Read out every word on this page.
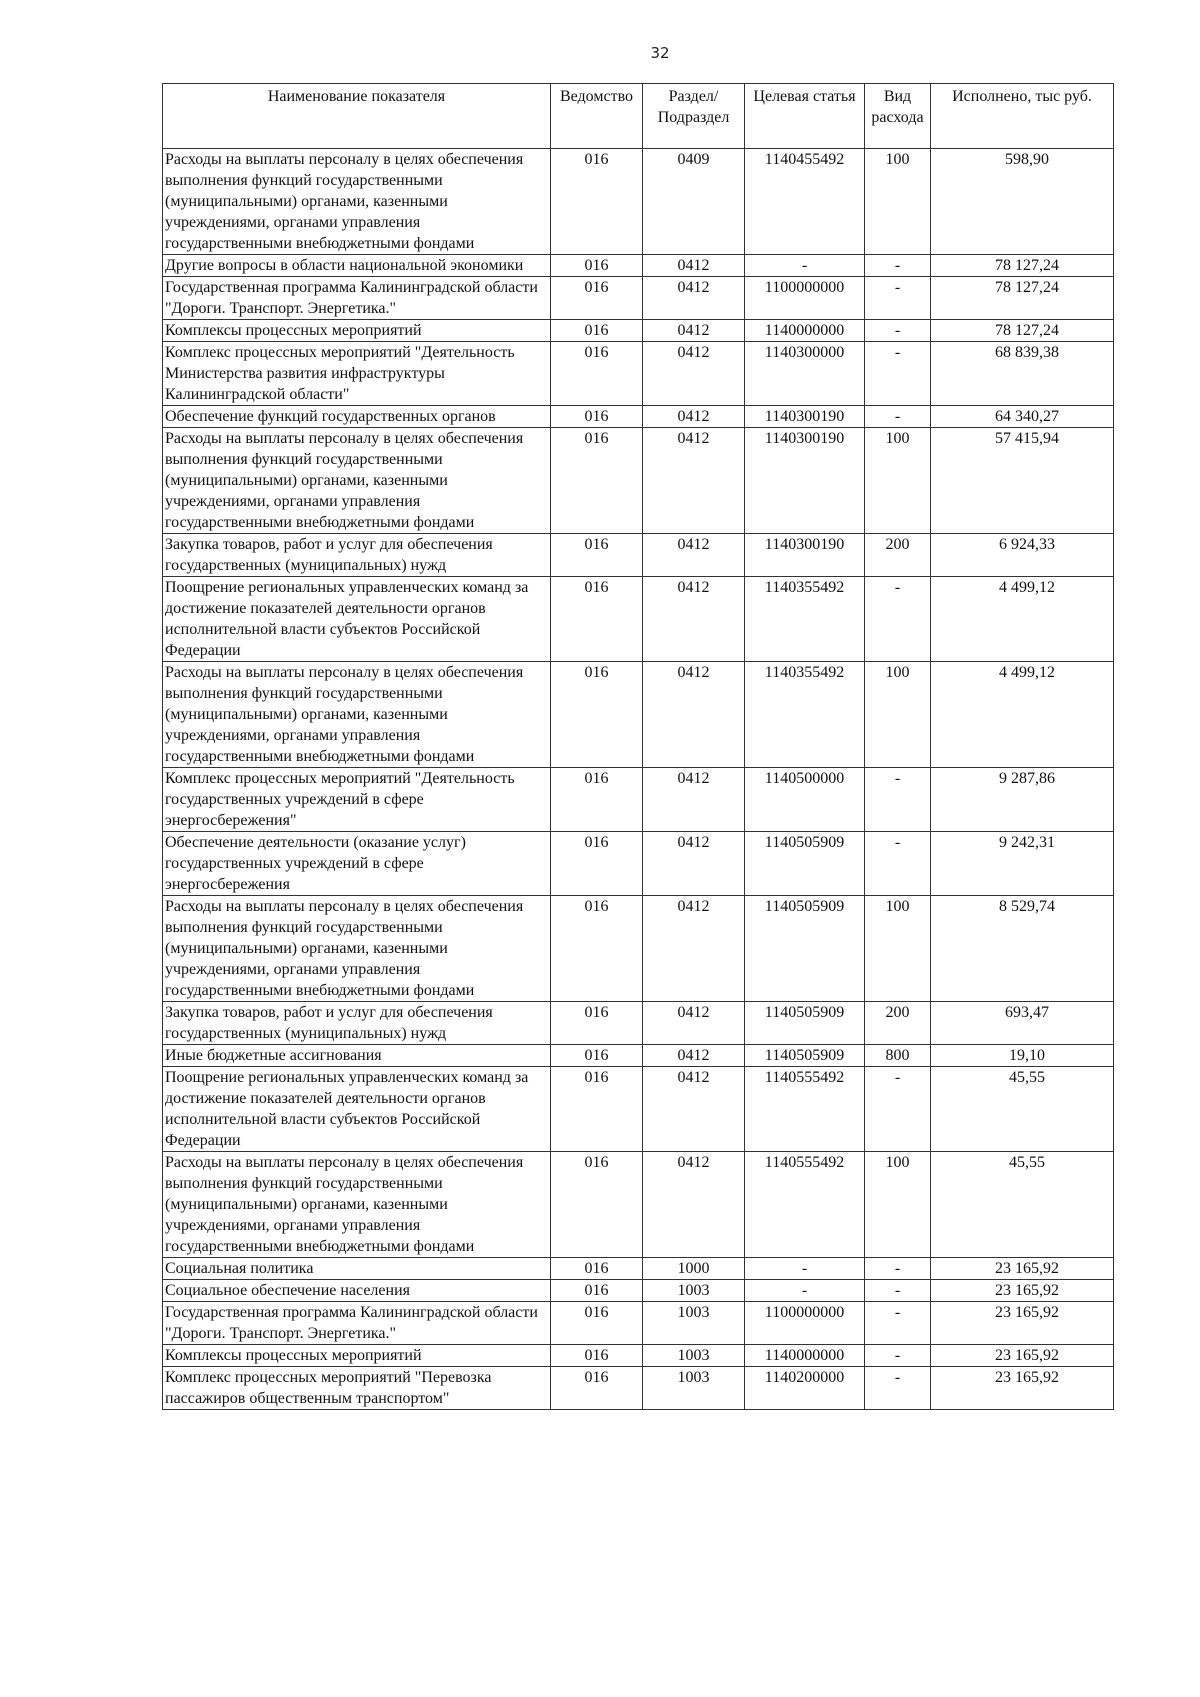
32
Наименование показателя	Ведомство	Раздел/ Подраздел	Целевая статья	Вид расхода	Исполнено, тыс руб.
Расходы на выплаты персоналу в целях обеспечения выполнения функций государственными (муниципальными) органами, казенными учреждениями, органами управления государственными внебюджетными фондами	016	0409	1140455492	100	598,90
Другие вопросы в области национальной экономики	016	0412	-	-	78 127,24
Государственная программа Калининградской области "Дороги. Транспорт. Энергетика."	016	0412	1100000000	-	78 127,24
Комплексы процессных мероприятий	016	0412	1140000000	-	78 127,24
Комплекс процессных мероприятий "Деятельность Министерства развития инфраструктуры Калининградской области"	016	0412	1140300000	-	68 839,38
Обеспечение функций государственных органов	016	0412	1140300190	-	64 340,27
Расходы на выплаты персоналу в целях обеспечения выполнения функций государственными (муниципальными) органами, казенными учреждениями, органами управления государственными внебюджетными фондами	016	0412	1140300190	100	57 415,94
Закупка товаров, работ и услуг для обеспечения государственных (муниципальных) нужд	016	0412	1140300190	200	6 924,33
Поощрение региональных управленческих команд за достижение показателей деятельности органов исполнительной власти субъектов Российской Федерации	016	0412	1140355492	-	4 499,12
Расходы на выплаты персоналу в целях обеспечения выполнения функций государственными (муниципальными) органами, казенными учреждениями, органами управления государственными внебюджетными фондами	016	0412	1140355492	100	4 499,12
Комплекс процессных мероприятий "Деятельность государственных учреждений в сфере энергосбережения"	016	0412	1140500000	-	9 287,86
Обеспечение деятельности (оказание услуг) государственных учреждений в сфере энергосбережения	016	0412	1140505909	-	9 242,31
Расходы на выплаты персоналу в целях обеспечения выполнения функций государственными (муниципальными) органами, казенными учреждениями, органами управления государственными внебюджетными фондами	016	0412	1140505909	100	8 529,74
Закупка товаров, работ и услуг для обеспечения государственных (муниципальных) нужд	016	0412	1140505909	200	693,47
Иные бюджетные ассигнования	016	0412	1140505909	800	19,10
Поощрение региональных управленческих команд за достижение показателей деятельности органов исполнительной власти субъектов Российской Федерации	016	0412	1140555492	-	45,55
Расходы на выплаты персоналу в целях обеспечения выполнения функций государственными (муниципальными) органами, казенными учреждениями, органами управления государственными внебюджетными фондами	016	0412	1140555492	100	45,55
Социальная политика	016	1000	-	-	23 165,92
Социальное обеспечение населения	016	1003	-	-	23 165,92
Государственная программа Калининградской области "Дороги. Транспорт. Энергетика."	016	1003	1100000000	-	23 165,92
Комплексы процессных мероприятий	016	1003	1140000000	-	23 165,92
Комплекс процессных мероприятий "Перевозка пассажиров общественным транспортом"	016	1003	1140200000	-	23 165,92
